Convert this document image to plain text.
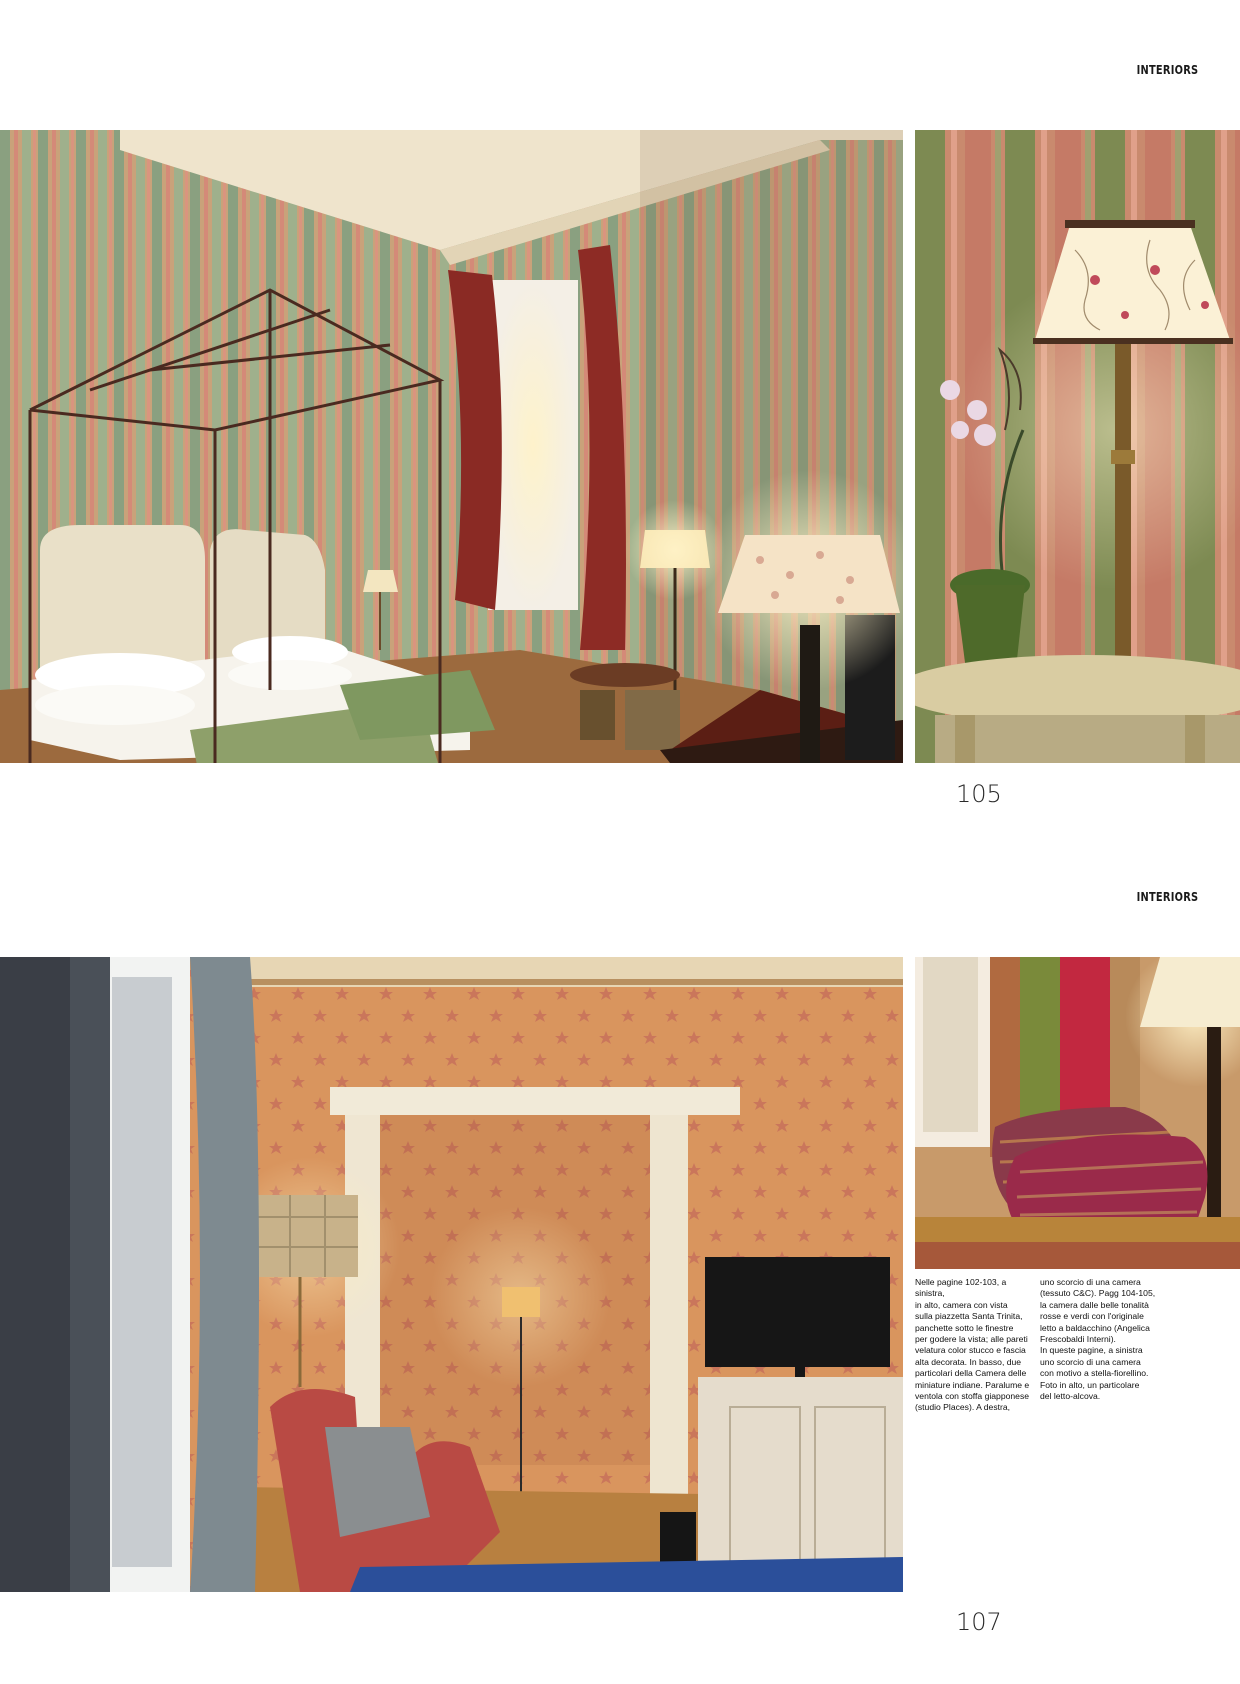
INTERIORS
105
INTERIORS
Nelle pagine 102-103, a sinistra,
in alto, camera con vista
sulla piazzetta Santa Trinita,
panchette sotto le finestre
per godere la vista; alle pareti
velatura color stucco e fascia
alta decorata. In basso, due
particolari della Camera delle
miniature indiane. Paralume e
ventola con stoffa giapponese
(studio Places). A destra,
uno scorcio di una camera
(tessuto C&C). Pagg 104-105,
la camera dalle belle tonalità
rosse e verdi con l'originale
letto a baldacchino (Angelica
Frescobaldi Interni).
In queste pagine, a sinistra
uno scorcio di una camera
con motivo a stella-fiorellino.
Foto in alto, un particolare
del letto-alcova.
107
